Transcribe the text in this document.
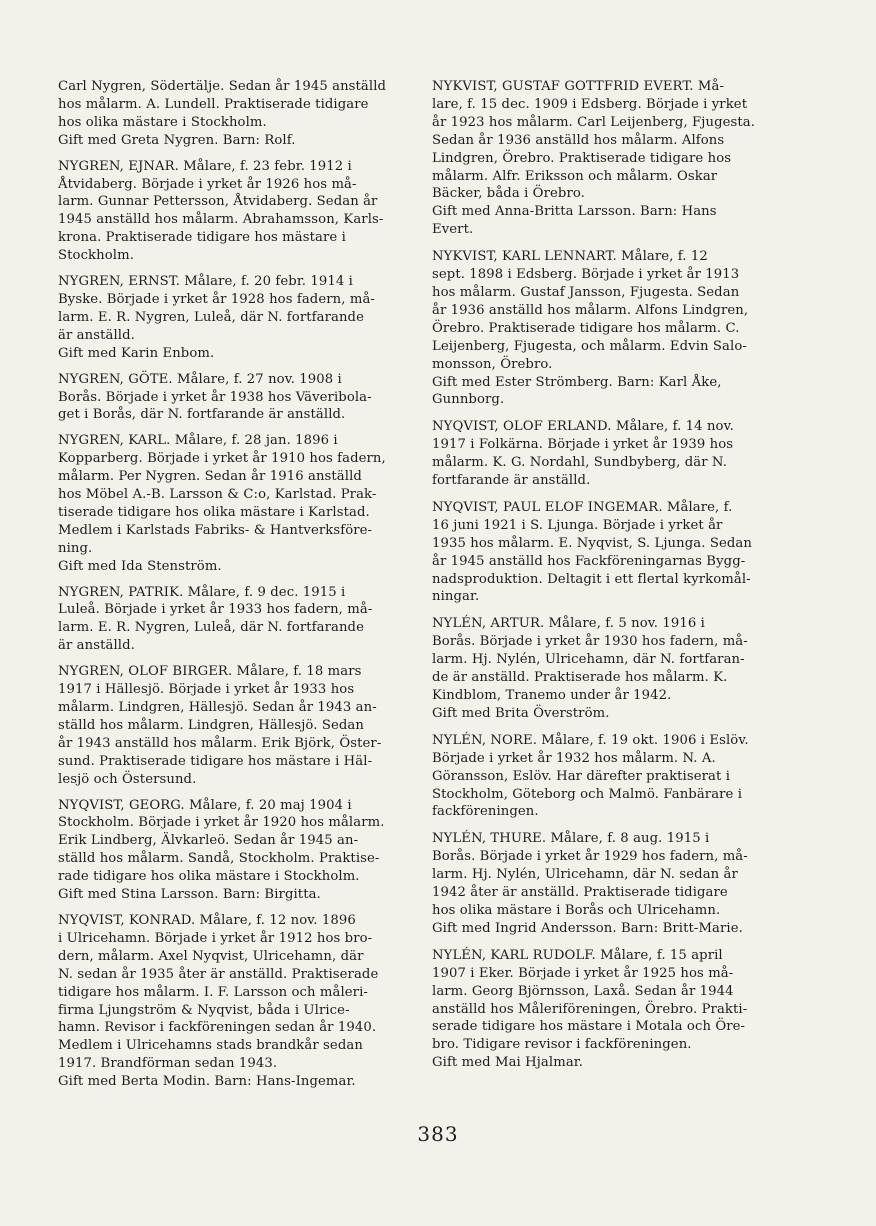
Carl Nygren, Södertälje. Sedan år 1945 anställd
hos målarm. A. Lundell. Praktiserade tidigare
hos olika mästare i Stockholm.
Gift med Greta Nygren. Barn: Rolf.

NYGREN, EJNAR. Målare, f. 23 febr. 1912 i
Åtvidaberg. Började i yrket år 1926 hos må-
larm. Gunnar Pettersson, Åtvidaberg. Sedan år
1945 anställd hos målarm. Abrahamsson, Karls-
krona. Praktiserade tidigare hos mästare i
Stockholm.

NYGREN, ERNST. Målare, f. 20 febr. 1914 i
Byske. Började i yrket år 1928 hos fadern, må-
larm. E. R. Nygren, Luleå, där N. fortfarande
är anställd.
Gift med Karin Enbom.

NYGREN, GÖTE. Målare, f. 27 nov. 1908 i
Borås. Började i yrket år 1938 hos Väveribola-
get i Borås, där N. fortfarande är anställd.

NYGREN, KARL. Målare, f. 28 jan. 1896 i
Kopparberg. Började i yrket år 1910 hos fadern,
målarm. Per Nygren. Sedan år 1916 anställd
hos Möbel A.-B. Larsson & C:o, Karlstad. Prak-
tiserade tidigare hos olika mästare i Karlstad.
Medlem i Karlstads Fabriks- & Hantverksföre-
ning.
Gift med Ida Stenström.

NYGREN, PATRIK. Målare, f. 9 dec. 1915 i
Luleå. Började i yrket år 1933 hos fadern, må-
larm. E. R. Nygren, Luleå, där N. fortfarande
är anställd.

NYGREN, OLOF BIRGER. Målare, f. 18 mars
1917 i Hällesjö. Började i yrket år 1933 hos
målarm. Lindgren, Hällesjö. Sedan år 1943 an-
ställd hos målarm. Lindgren, Hällesjö. Sedan
år 1943 anställd hos målarm. Erik Björk, Öster-
sund. Praktiserade tidigare hos mästare i Häl-
lesjö och Östersund.

NYQVIST, GEORG. Målare, f. 20 maj 1904 i
Stockholm. Började i yrket år 1920 hos målarm.
Erik Lindberg, Älvkarleö. Sedan år 1945 an-
ställd hos målarm. Sandå, Stockholm. Praktise-
rade tidigare hos olika mästare i Stockholm.
Gift med Stina Larsson. Barn: Birgitta.

NYQVIST, KONRAD. Målare, f. 12 nov. 1896
i Ulricehamn. Började i yrket år 1912 hos bro-
dern, målarm. Axel Nyqvist, Ulricehamn, där
N. sedan år 1935 åter är anställd. Praktiserade
tidigare hos målarm. I. F. Larsson och måleri-
firma Ljungström & Nyqvist, båda i Ulrice-
hamn. Revisor i fackföreningen sedan år 1940.
Medlem i Ulricehamns stads brandkår sedan
1917. Brandförman sedan 1943.
Gift med Berta Modin. Barn: Hans-Ingemar.

NYKVIST, GUSTAF GOTTFRID EVERT. Må-
lare, f. 15 dec. 1909 i Edsberg. Började i yrket
år 1923 hos målarm. Carl Leijenberg, Fjugesta.
Sedan år 1936 anställd hos målarm. Alfons
Lindgren, Örebro. Praktiserade tidigare hos
målarm. Alfr. Eriksson och målarm. Oskar
Bäcker, båda i Örebro.
Gift med Anna-Britta Larsson. Barn: Hans
Evert.

NYKVIST, KARL LENNART. Målare, f. 12
sept. 1898 i Edsberg. Började i yrket år 1913
hos målarm. Gustaf Jansson, Fjugesta. Sedan
år 1936 anställd hos målarm. Alfons Lindgren,
Örebro. Praktiserade tidigare hos målarm. C.
Leijenberg, Fjugesta, och målarm. Edvin Salo-
monsson, Örebro.
Gift med Ester Strömberg. Barn: Karl Åke,
Gunnborg.

NYQVIST, OLOF ERLAND. Målare, f. 14 nov.
1917 i Folkärna. Började i yrket år 1939 hos
målarm. K. G. Nordahl, Sundbyberg, där N.
fortfarande är anställd.

NYQVIST, PAUL ELOF INGEMAR. Målare, f.
16 juni 1921 i S. Ljunga. Började i yrket år
1935 hos målarm. E. Nyqvist, S. Ljunga. Sedan
år 1945 anställd hos Fackföreningarnas Bygg-
nadsproduktion. Deltagit i ett flertal kyrkomål-
ningar.

NYLÉN, ARTUR. Målare, f. 5 nov. 1916 i
Borås. Började i yrket år 1930 hos fadern, må-
larm. Hj. Nylén, Ulricehamn, där N. fortfaran-
de är anställd. Praktiserade hos målarm. K.
Kindblom, Tranemo under år 1942.
Gift med Brita Överström.

NYLÉN, NORE. Målare, f. 19 okt. 1906 i Eslöv.
Började i yrket år 1932 hos målarm. N. A.
Göransson, Eslöv. Har därefter praktiserat i
Stockholm, Göteborg och Malmö. Fanbärare i
fackföreningen.

NYLÉN, THURE. Målare, f. 8 aug. 1915 i
Borås. Började i yrket år 1929 hos fadern, må-
larm. Hj. Nylén, Ulricehamn, där N. sedan år
1942 åter är anställd. Praktiserade tidigare
hos olika mästare i Borås och Ulricehamn.
Gift med Ingrid Andersson. Barn: Britt-Marie.

NYLÉN, KARL RUDOLF. Målare, f. 15 april
1907 i Eker. Började i yrket år 1925 hos må-
larm. Georg Björnsson, Laxå. Sedan år 1944
anställd hos Måleriföreningen, Örebro. Prakti-
serade tidigare hos mästare i Motala och Öre-
bro. Tidigare revisor i fackföreningen.
Gift med Mai Hjalmar.

383
